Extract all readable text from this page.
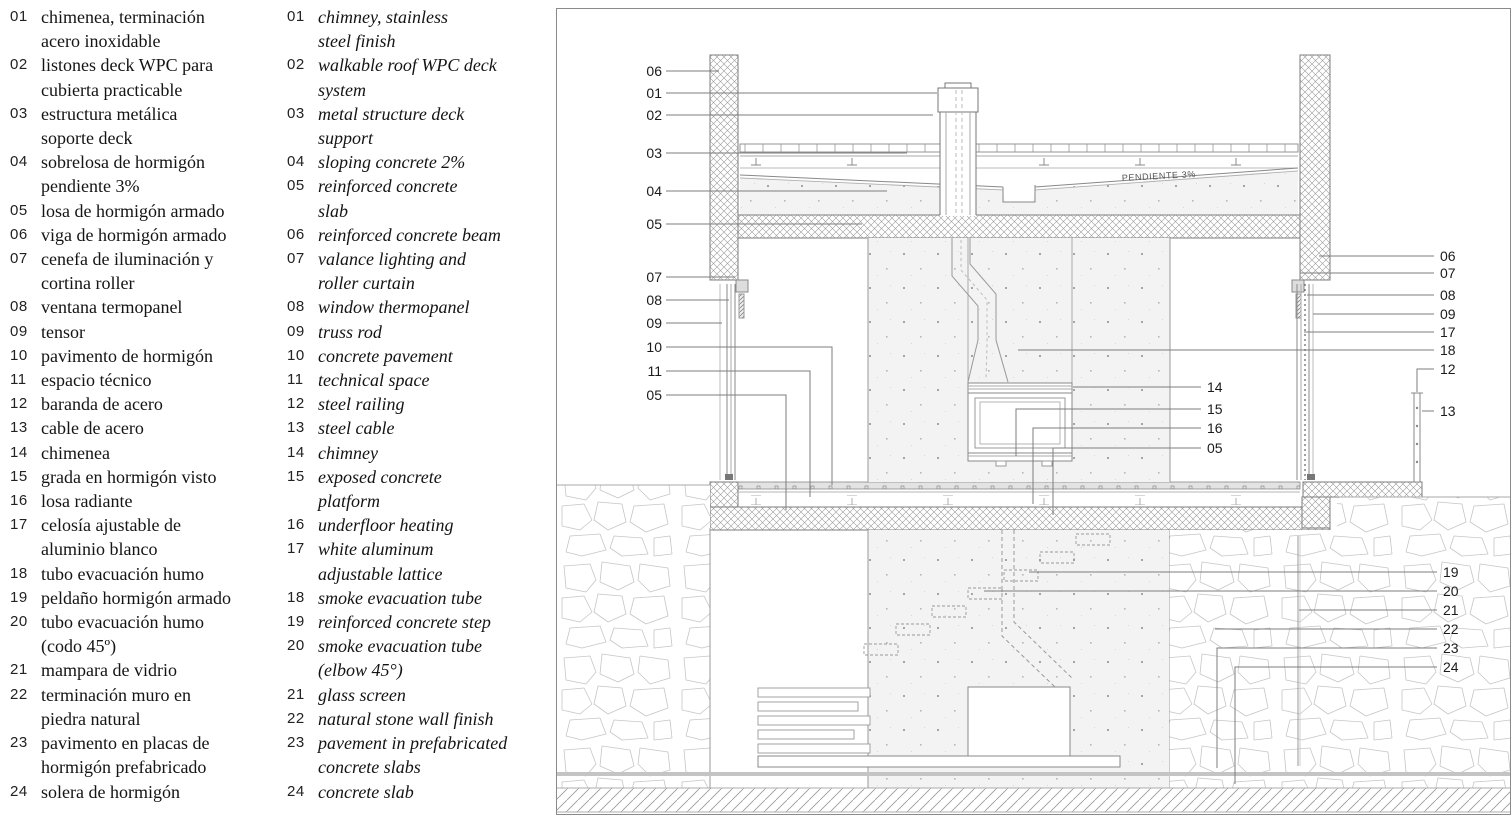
01 chimenea, terminación
acero inoxidable
02 listones deck WPC para
cubierta practicable
03 estructura metálica
soporte deck
04 sobrelosa de hormigón
pendiente 3%
05 losa de hormigón armado
06 viga de hormigón armado
07 cenefa de iluminación y
cortina roller
08 ventana termopanel
09 tensor
10 pavimento de hormigón
11 espacio técnico
12 baranda de acero
13 cable de acero
14 chimenea
15 grada en hormigón visto
16 losa radiante
17 celosía ajustable de
aluminio blanco
18 tubo evacuación humo
19 peldaño hormigón armado
20 tubo evacuación humo
(codo 45º)
21 mampara de vidrio
22 terminación muro en
piedra natural
23 pavimento en placas de
hormigón prefabricado
24 solera de hormigón
01 chimney, stainless
steel finish
02 walkable roof WPC deck
system
03 metal structure deck
support
04 sloping concrete 2%
05 reinforced concrete
slab
06 reinforced concrete beam
07 valance lighting and
roller curtain
08 window thermopanel
09 truss rod
10 concrete pavement
11 technical space
12 steel railing
13 steel cable
14 chimney
15 exposed concrete
platform
16 underfloor heating
17 white aluminum
adjustable lattice
18 smoke evacuation tube
19 reinforced concrete step
20 smoke evacuation tube
(elbow 45°)
21 glass screen
22 natural stone wall finish
23 pavement in prefabricated
concrete slabs
24 concrete slab
PENDIENTE 3%
06
01
02
03
04
05
07
08
09
10
11
05	14
15
16
05
06
07
08
09
17
18
12
13
19
20
21
22
23
24
